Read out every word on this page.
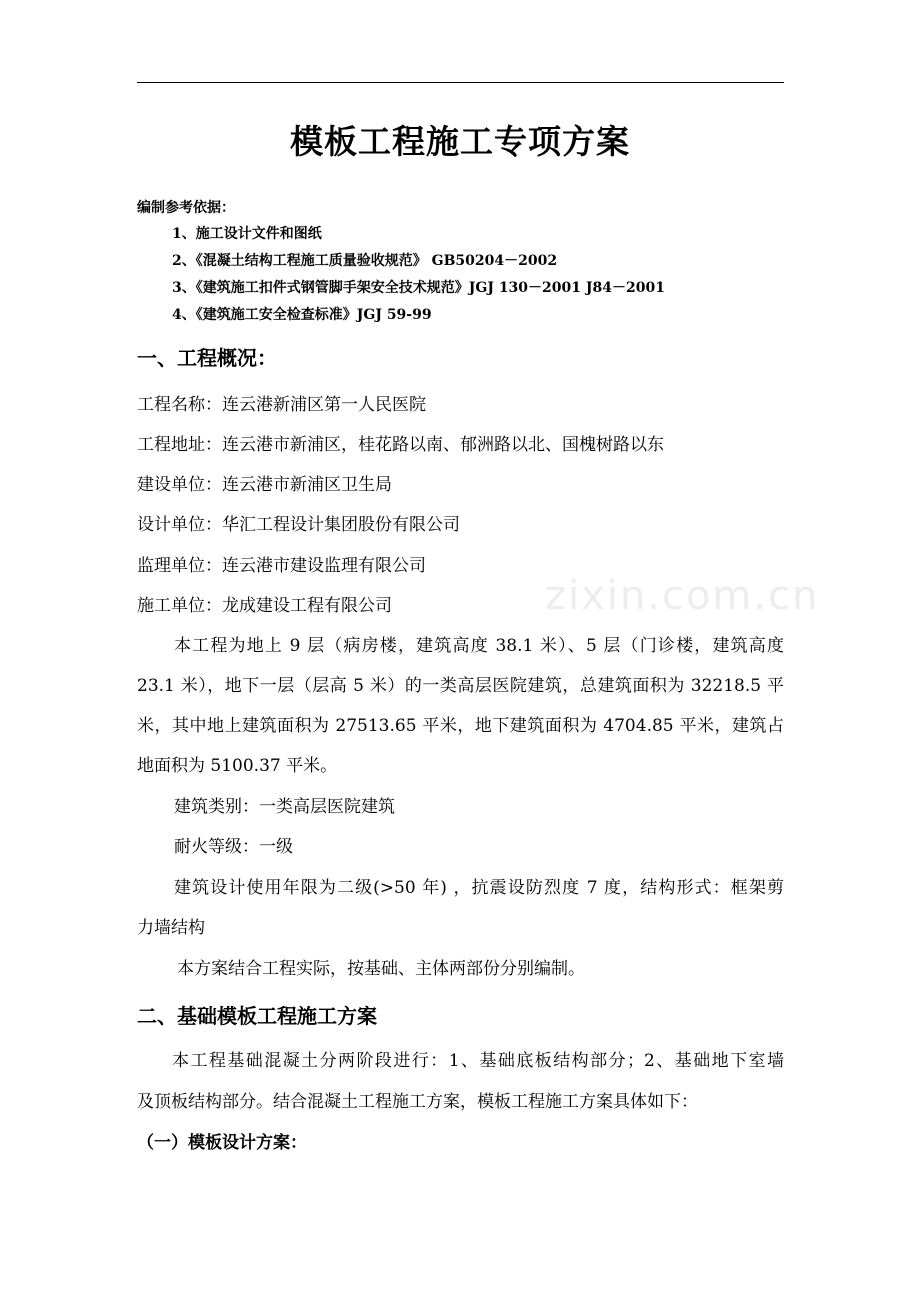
模板工程施工专项方案
编制参考依据：
1、施工设计文件和图纸
2、《混凝土结构工程施工质量验收规范》 GB50204－2002
3、《建筑施工扣件式钢管脚手架安全技术规范》JGJ 130－2001 J84－2001
4、《建筑施工安全检查标准》JGJ 59-99
一、工程概况：
工程名称：连云港新浦区第一人民医院
工程地址：连云港市新浦区，桂花路以南、郁洲路以北、国槐树路以东
建设单位：连云港市新浦区卫生局
设计单位：华汇工程设计集团股份有限公司
监理单位：连云港市建设监理有限公司
施工单位：龙成建设工程有限公司
本工程为地上 9 层（病房楼，建筑高度 38.1 米）、5 层（门诊楼，建筑高度
23.1 米），地下一层（层高 5 米）的一类高层医院建筑，总建筑面积为 32218.5 平
米，其中地上建筑面积为 27513.65 平米，地下建筑面积为 4704.85 平米，建筑占
地面积为 5100.37 平米。
建筑类别：一类高层医院建筑
耐火等级：一级
建筑设计使用年限为二级(>50 年) ，抗震设防烈度 7 度，结构形式：框架剪
力墙结构
本方案结合工程实际，按基础、主体两部份分别编制。
二、基础模板工程施工方案
本工程基础混凝土分两阶段进行：1、基础底板结构部分；2、基础地下室墙
及顶板结构部分。结合混凝土工程施工方案，模板工程施工方案具体如下：
（一）模板设计方案：
zixin.com.cn
